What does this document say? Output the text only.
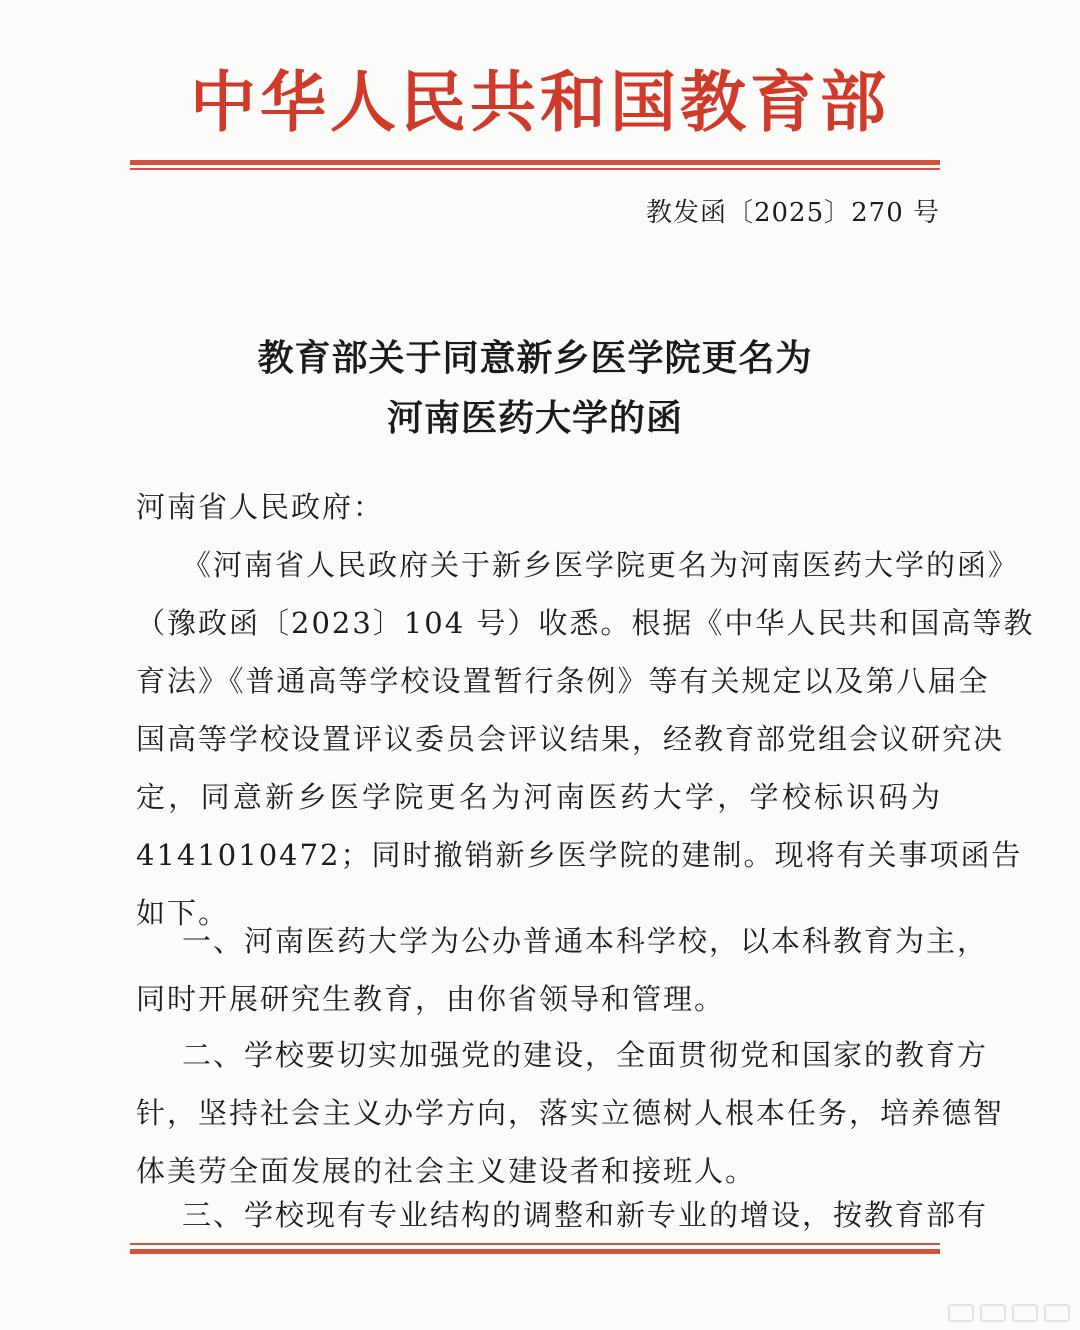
中华人民共和国教育部
教发函〔2025〕270 号
教育部关于同意新乡医学院更名为
河南医药大学的函
河南省人民政府：
《河南省人民政府关于新乡医学院更名为河南医药大学的函》
（豫政函〔2023〕104 号）收悉。根据《中华人民共和国高等教
育法》《普通高等学校设置暂行条例》等有关规定以及第八届全
国高等学校设置评议委员会评议结果，经教育部党组会议研究决
定，同意新乡医学院更名为河南医药大学，学校标识码为
4141010472；同时撤销新乡医学院的建制。现将有关事项函告
如下。
一、河南医药大学为公办普通本科学校，以本科教育为主，
同时开展研究生教育，由你省领导和管理。
二、学校要切实加强党的建设，全面贯彻党和国家的教育方
针，坚持社会主义办学方向，落实立德树人根本任务，培养德智
体美劳全面发展的社会主义建设者和接班人。
三、学校现有专业结构的调整和新专业的增设，按教育部有
